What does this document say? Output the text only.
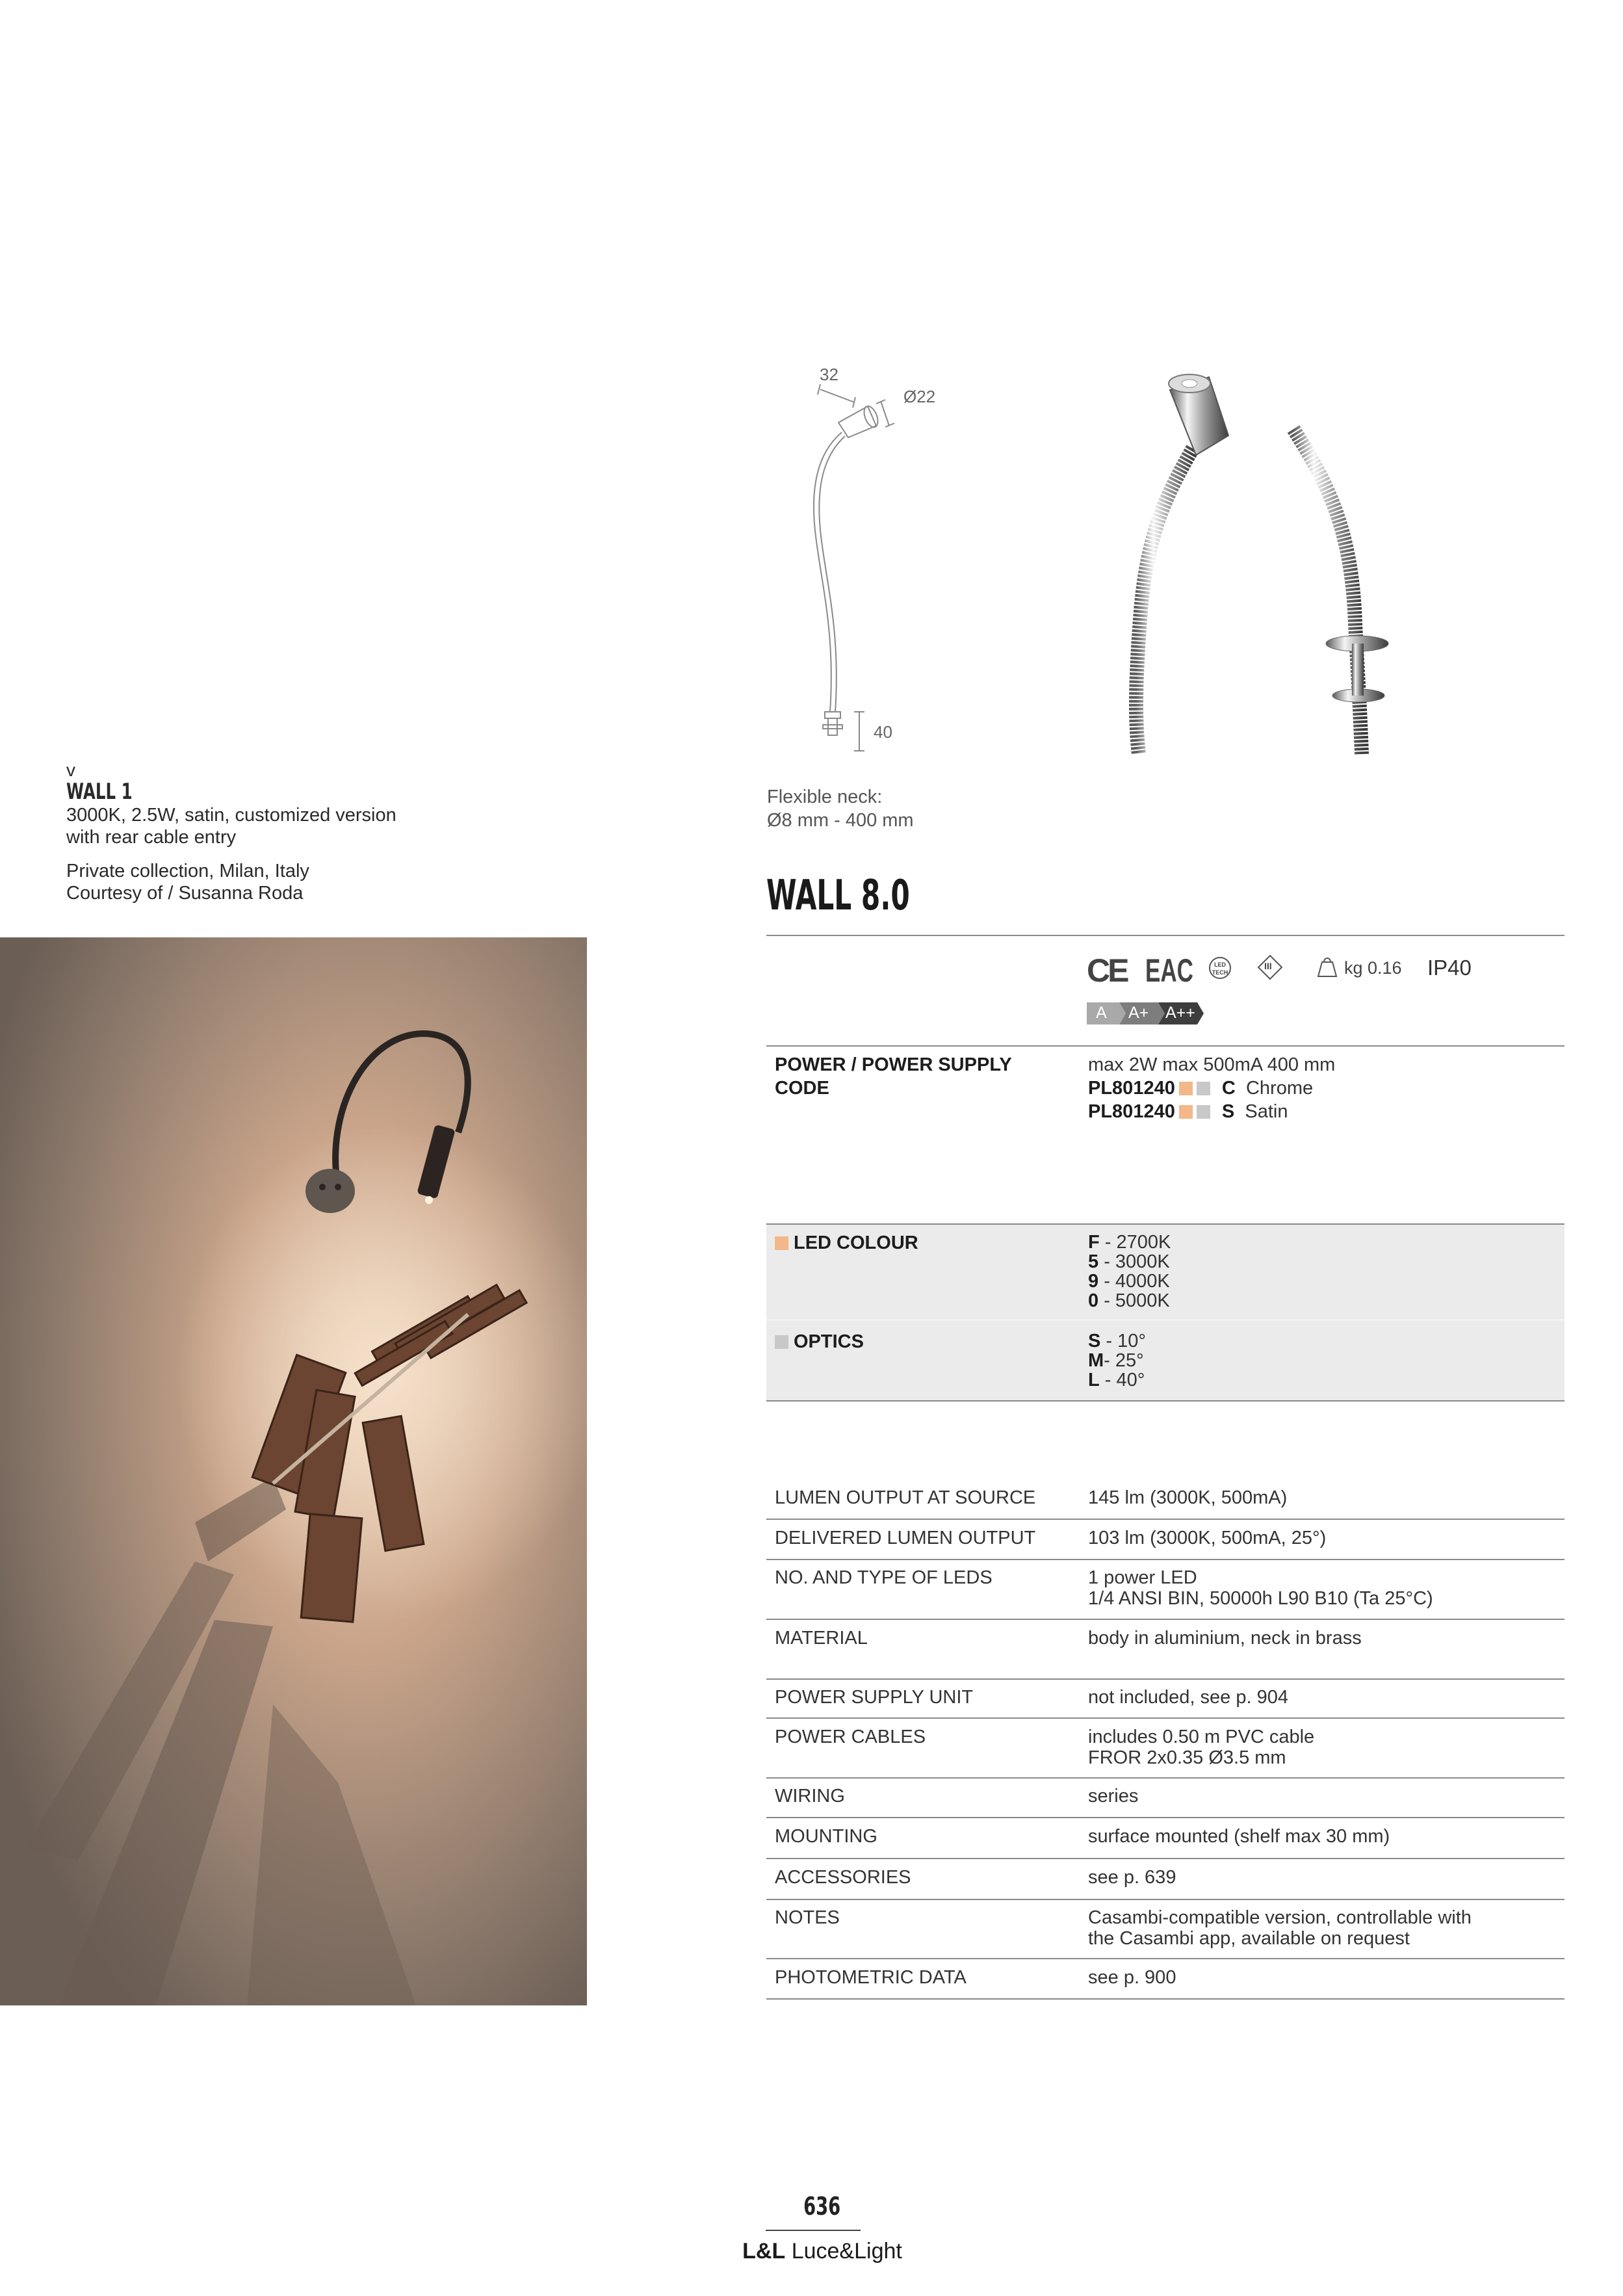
v
WALL 1
3000K, 2.5W, satin, customized version
with rear cable entry
Private collection, Milan, Italy
Courtesy of / Susanna Roda
32
Ø22
40
Flexible neck:
Ø8 mm - 400 mm
WALL 8.0
CE EAC	LED
TECH
III	kg 0.16 IP40
A A+ A++
POWER / POWER SUPPLY
CODE
max 2W max 500mA 400 mm
PL801240 C Chrome
PL801240 S Satin
LED COLOUR	F - 2700K
5 - 3000K
9 - 4000K
0 - 5000K
OPTICS	S - 10°
M- 25°
L - 40°
LUMEN OUTPUT AT SOURCE	145 lm (3000K, 500mA)
DELIVERED LUMEN OUTPUT	103 lm (3000K, 500mA, 25°)
NO. AND TYPE OF LEDS	1 power LED
1/4 ANSI BIN, 50000h L90 B10 (Ta 25°C)
MATERIAL	body in aluminium, neck in brass
POWER SUPPLY UNIT	not included, see p. 904
POWER CABLES	includes 0.50 m PVC cable
FROR 2x0.35 Ø3.5 mm
WIRING	series
MOUNTING	surface mounted (shelf max 30 mm)
ACCESSORIES	see p. 639
NOTES	Casambi-compatible version, controllable with
the Casambi app, available on request
PHOTOMETRIC DATA	see p. 900
636
L&L Luce&Light
